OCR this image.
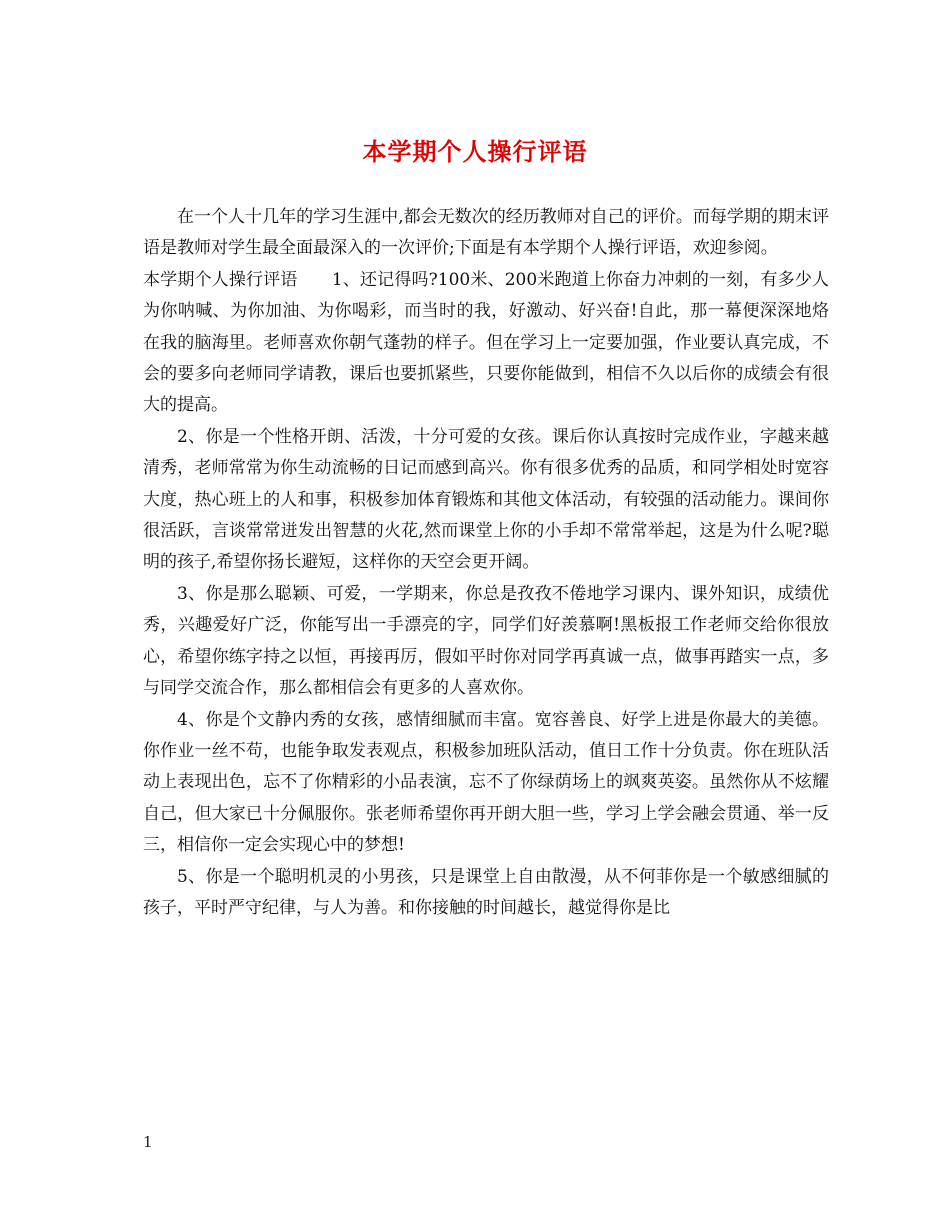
本学期个人操行评语

在一个人十几年的学习生涯中,都会无数次的经历教师对自己的评价。而每学期的期末评语是教师对学生最全面最深入的一次评价;下面是有本学期个人操行评语，欢迎参阅。

本学期个人操行评语　　1、还记得吗?100米、200米跑道上你奋力冲刺的一刻，有多少人为你呐喊、为你加油、为你喝彩，而当时的我，好激动、好兴奋!自此，那一幕便深深地烙在我的脑海里。老师喜欢你朝气蓬勃的样子。但在学习上一定要加强，作业要认真完成，不会的要多向老师同学请教，课后也要抓紧些，只要你能做到，相信不久以后你的成绩会有很大的提高。

2、你是一个性格开朗、活泼，十分可爱的女孩。课后你认真按时完成作业，字越来越清秀，老师常常为你生动流畅的日记而感到高兴。你有很多优秀的品质，和同学相处时宽容大度，热心班上的人和事，积极参加体育锻炼和其他文体活动，有较强的活动能力。课间你很活跃，言谈常常迸发出智慧的火花,然而课堂上你的小手却不常常举起，这是为什么呢?聪明的孩子,希望你扬长避短，这样你的天空会更开阔。

3、你是那么聪颖、可爱，一学期来，你总是孜孜不倦地学习课内、课外知识，成绩优秀，兴趣爱好广泛，你能写出一手漂亮的字，同学们好羡慕啊!黑板报工作老师交给你很放心，希望你练字持之以恒，再接再厉，假如平时你对同学再真诚一点，做事再踏实一点，多与同学交流合作，那么都相信会有更多的人喜欢你。

4、你是个文静内秀的女孩，感情细腻而丰富。宽容善良、好学上进是你最大的美德。你作业一丝不苟，也能争取发表观点，积极参加班队活动，值日工作十分负责。你在班队活动上表现出色，忘不了你精彩的小品表演，忘不了你绿荫场上的飒爽英姿。虽然你从不炫耀自己，但大家已十分佩服你。张老师希望你再开朗大胆一些，学习上学会融会贯通、举一反三，相信你一定会实现心中的梦想!

5、你是一个聪明机灵的小男孩，只是课堂上自由散漫，从不何菲你是一个敏感细腻的孩子，平时严守纪律，与人为善。和你接触的时间越长，越觉得你是比

1
